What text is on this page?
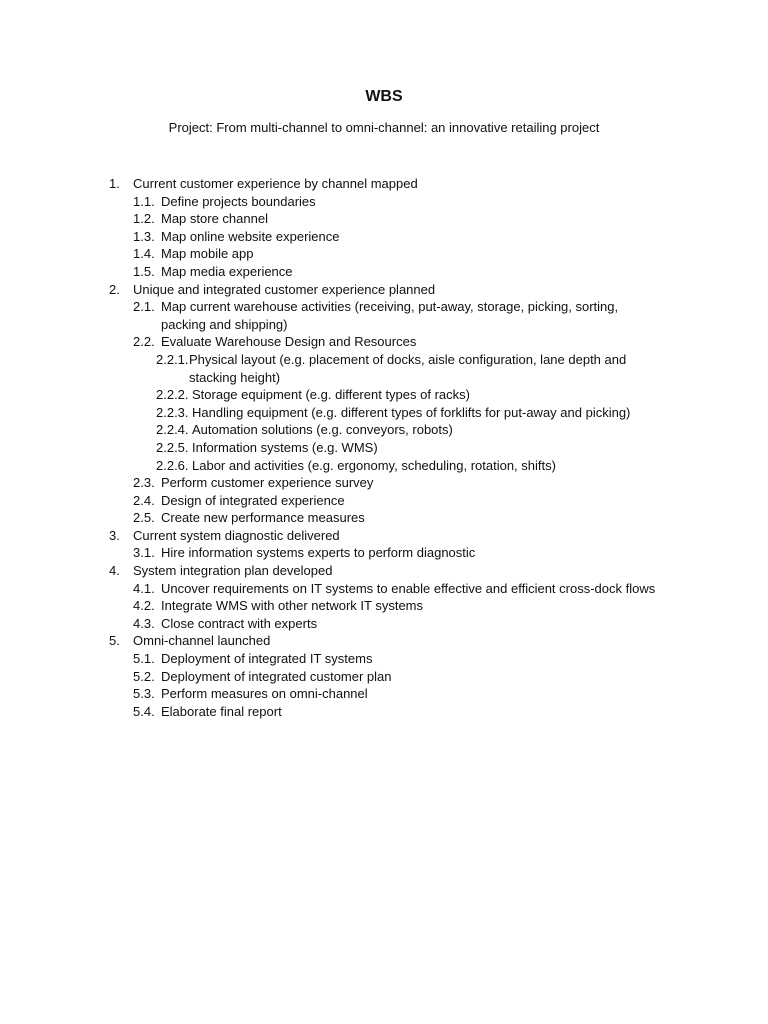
WBS
Project: From multi-channel to omni-channel: an innovative retailing project
1. Current customer experience by channel mapped
1.1. Define projects boundaries
1.2. Map store channel
1.3. Map online website experience
1.4. Map mobile app
1.5. Map media experience
2. Unique and integrated customer experience planned
2.1. Map current warehouse activities (receiving, put-away, storage, picking, sorting, packing and shipping)
2.2. Evaluate Warehouse Design and Resources
2.2.1. Physical layout (e.g. placement of docks, aisle configuration, lane depth and stacking height)
2.2.2. Storage equipment (e.g. different types of racks)
2.2.3. Handling equipment (e.g. different types of forklifts for put-away and picking)
2.2.4. Automation solutions (e.g. conveyors, robots)
2.2.5. Information systems (e.g. WMS)
2.2.6. Labor and activities (e.g. ergonomy, scheduling, rotation, shifts)
2.3. Perform customer experience survey
2.4. Design of integrated experience
2.5. Create new performance measures
3. Current system diagnostic delivered
3.1. Hire information systems experts to perform diagnostic
4. System integration plan developed
4.1. Uncover requirements on IT systems to enable effective and efficient cross-dock flows
4.2. Integrate WMS with other network IT systems
4.3. Close contract with experts
5. Omni-channel launched
5.1. Deployment of integrated IT systems
5.2. Deployment of integrated customer plan
5.3. Perform measures on omni-channel
5.4. Elaborate final report
